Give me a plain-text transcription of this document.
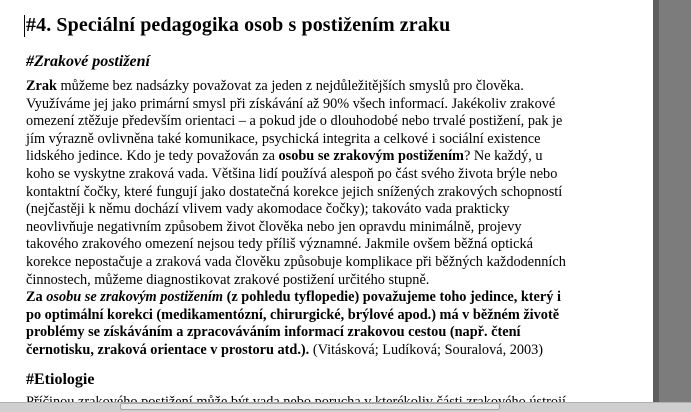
#4. Speciální pedagogika osob s postižením zraku
#Zrakové postižení

Zrak můžeme bez nadsázky považovat za jeden z nejdůležitějších smyslů pro člověka.
Využíváme jej jako primární smysl při získávání až 90% všech informací. Jakékoliv zrakové
omezení ztěžuje především orientaci – a pokud jde o dlouhodobé nebo trvalé postižení, pak je
jím výrazně ovlivněna také komunikace, psychická integrita a celkové i sociální existence
lidského jedince. Kdo je tedy považován za osobu se zrakovým postižením? Ne každý, u
koho se vyskytne zraková vada. Většina lidí používá alespoň po část svého života brýle nebo
kontaktní čočky, které fungují jako dostatečná korekce jejich snížených zrakových schopností
(nejčastěji k němu dochází vlivem vady akomodace čočky); takováto vada prakticky
neovlivňuje negativním způsobem život člověka nebo jen opravdu minimálně, projevy
takového zrakového omezení nejsou tedy příliš významné. Jakmile ovšem běžná optická
korekce nepostačuje a zraková vada člověku způsobuje komplikace při běžných každodenních
činnostech, můžeme diagnostikovat zrakové postižení určitého stupně.

Za osobu se zrakovým postižením (z pohledu tyflopedie) považujeme toho jedince, který i
po optimální korekci (medikamentózní, chirurgické, brýlové apod.) má v běžném životě
problémy se získáváním a zpracováváním informací zrakovou cestou (např. čtení
černotisku, zraková orientace v prostoru atd.). (Vitásková; Ludíková; Souralová, 2003)

#Etiologie
